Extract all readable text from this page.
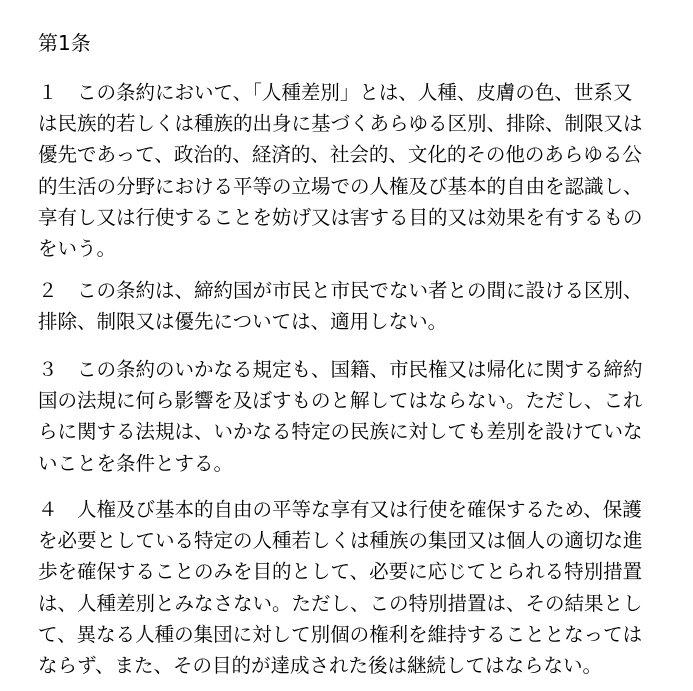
第1条

１　この条約において、「人種差別」とは、人種、皮膚の色、世系又
は民族的若しくは種族的出身に基づくあらゆる区別、排除、制限又は
優先であって、政治的、経済的、社会的、文化的その他のあらゆる公
的生活の分野における平等の立場での人権及び基本的自由を認識し、
享有し又は行使することを妨げ又は害する目的又は効果を有するもの
をいう。

２　この条約は、締約国が市民と市民でない者との間に設ける区別、
排除、制限又は優先については、適用しない。

３　この条約のいかなる規定も、国籍、市民権又は帰化に関する締約
国の法規に何ら影響を及ぼすものと解してはならない。ただし、これ
らに関する法規は、いかなる特定の民族に対しても差別を設けていな
いことを条件とする。

４　人権及び基本的自由の平等な享有又は行使を確保するため、保護
を必要としている特定の人種若しくは種族の集団又は個人の適切な進
歩を確保することのみを目的として、必要に応じてとられる特別措置
は、人種差別とみなさない。ただし、この特別措置は、その結果とし
て、異なる人種の集団に対して別個の権利を維持することとなっては
ならず、また、その目的が達成された後は継続してはならない。
